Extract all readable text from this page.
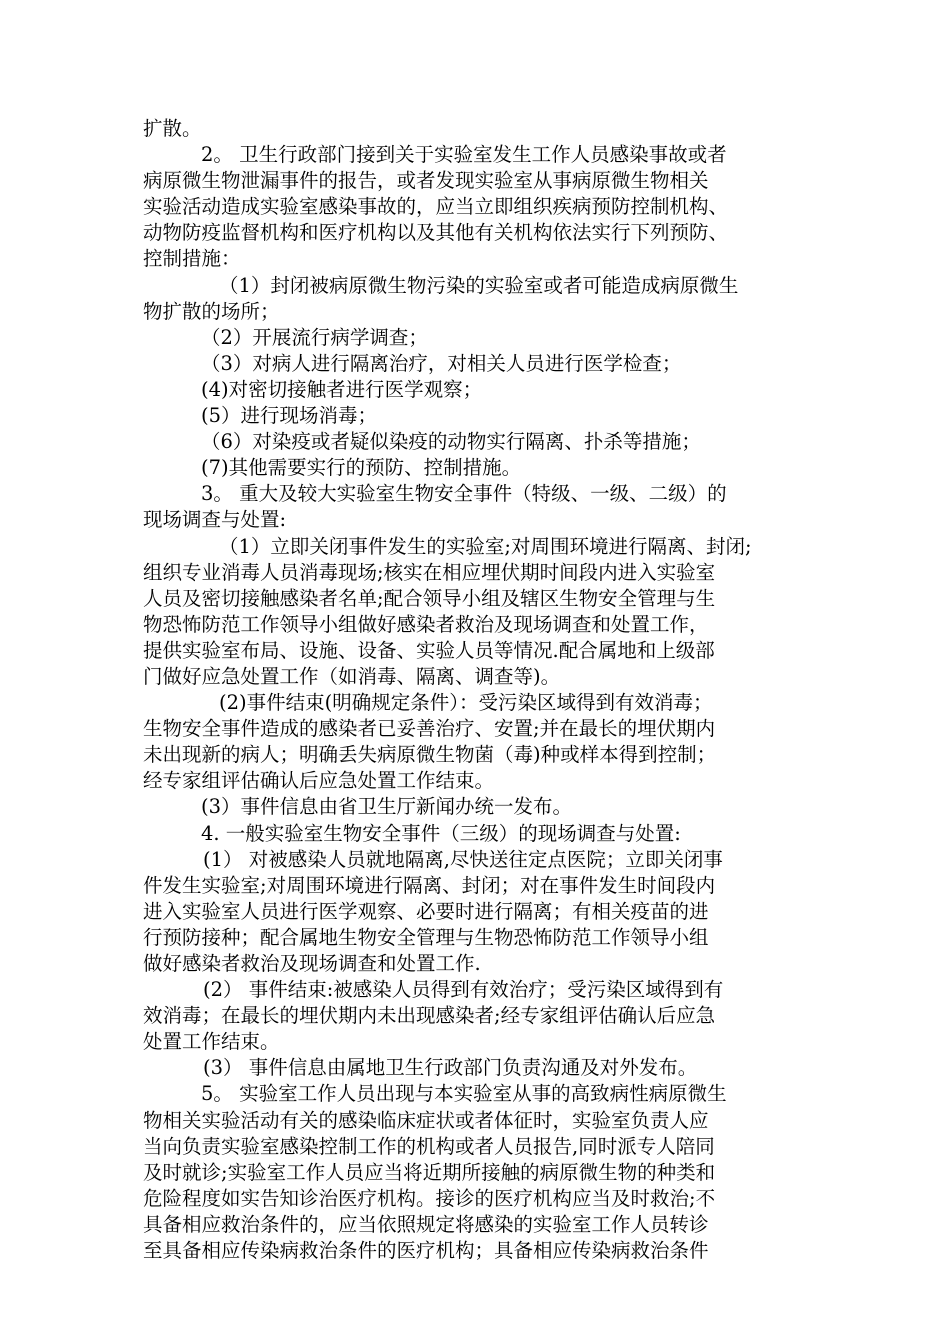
扩散。
2。 卫生行政部门接到关于实验室发生工作人员感染事故或者
病原微生物泄漏事件的报告，或者发现实验室从事病原微生物相关
实验活动造成实验室感染事故的，应当立即组织疾病预防控制机构、
动物防疫监督机构和医疗机构以及其他有关机构依法实行下列预防、
控制措施：
（1）封闭被病原微生物污染的实验室或者可能造成病原微生
物扩散的场所；
（2）开展流行病学调查；
（3）对病人进行隔离治疗，对相关人员进行医学检查；
(4)对密切接触者进行医学观察；
(5）进行现场消毒；
（6）对染疫或者疑似染疫的动物实行隔离、扑杀等措施；
(7)其他需要实行的预防、控制措施。
3。 重大及较大实验室生物安全事件（特级、一级、二级）的
现场调查与处置:
（1）立即关闭事件发生的实验室;对周围环境进行隔离、封闭;
组织专业消毒人员消毒现场;核实在相应埋伏期时间段内进入实验室
人员及密切接触感染者名单;配合领导小组及辖区生物安全管理与生
物恐怖防范工作领导小组做好感染者救治及现场调查和处置工作，
提供实验室布局、设施、设备、实验人员等情况.配合属地和上级部
门做好应急处置工作（如消毒、隔离、调查等)。
(2)事件结束(明确规定条件）：受污染区域得到有效消毒；
生物安全事件造成的感染者已妥善治疗、安置;并在最长的埋伏期内
未出现新的病人；明确丢失病原微生物菌（毒)种或样本得到控制；
经专家组评估确认后应急处置工作结束。
(3）事件信息由省卫生厅新闻办统一发布。
4. 一般实验室生物安全事件（三级）的现场调查与处置:
(1） 对被感染人员就地隔离,尽快送往定点医院；立即关闭事
件发生实验室;对周围环境进行隔离、封闭；对在事件发生时间段内
进入实验室人员进行医学观察、必要时进行隔离；有相关疫苗的进
行预防接种；配合属地生物安全管理与生物恐怖防范工作领导小组
做好感染者救治及现场调查和处置工作.
(2） 事件结束:被感染人员得到有效治疗；受污染区域得到有
效消毒；在最长的埋伏期内未出现感染者;经专家组评估确认后应急
处置工作结束。
(3） 事件信息由属地卫生行政部门负责沟通及对外发布。
5。 实验室工作人员出现与本实验室从事的高致病性病原微生
物相关实验活动有关的感染临床症状或者体征时，实验室负责人应
当向负责实验室感染控制工作的机构或者人员报告,同时派专人陪同
及时就诊;实验室工作人员应当将近期所接触的病原微生物的种类和
危险程度如实告知诊治医疗机构。接诊的医疗机构应当及时救治;不
具备相应救治条件的，应当依照规定将感染的实验室工作人员转诊
至具备相应传染病救治条件的医疗机构；具备相应传染病救治条件
